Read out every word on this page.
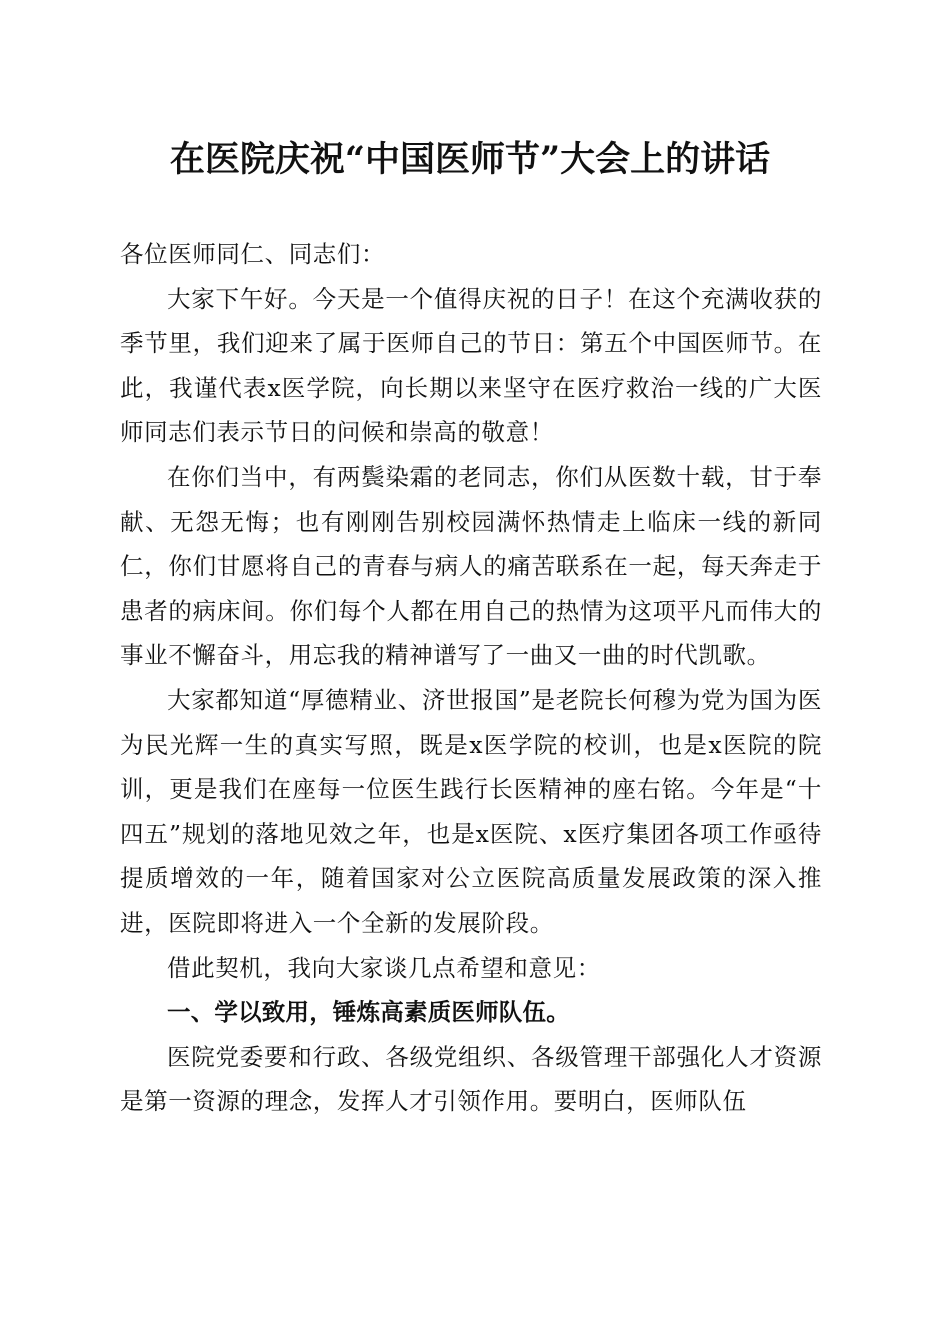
在医院庆祝“中国医师节”大会上的讲话

各位医师同仁、同志们：

大家下午好。今天是一个值得庆祝的日子！在这个充满收获的季节里，我们迎来了属于医师自己的节日：第五个中国医师节。在此，我谨代表x医学院，向长期以来坚守在医疗救治一线的广大医师同志们表示节日的问候和崇高的敬意！

在你们当中，有两鬓染霜的老同志，你们从医数十载，甘于奉献、无怨无悔；也有刚刚告别校园满怀热情走上临床一线的新同仁，你们甘愿将自己的青春与病人的痛苦联系在一起，每天奔走于患者的病床间。你们每个人都在用自己的热情为这项平凡而伟大的事业不懈奋斗，用忘我的精神谱写了一曲又一曲的时代凯歌。

大家都知道“厚德精业、济世报国”是老院长何穆为党为国为医为民光辉一生的真实写照，既是x医学院的校训，也是x医院的院训，更是我们在座每一位医生践行长医精神的座右铭。今年是“十四五”规划的落地见效之年，也是x医院、x医疗集团各项工作亟待提质增效的一年，随着国家对公立医院高质量发展政策的深入推进，医院即将进入一个全新的发展阶段。

借此契机，我向大家谈几点希望和意见：

一、学以致用，锤炼高素质医师队伍。

医院党委要和行政、各级党组织、各级管理干部强化人才资源是第一资源的理念，发挥人才引领作用。要明白，医师队伍
